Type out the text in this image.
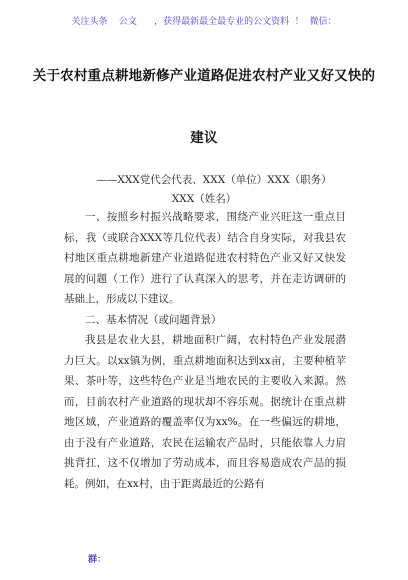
关注头条    公文      ，获得最新最全最专业的公文资料  ！  微信：
关于农村重点耕地新修产业道路促进农村产业又好又快的
建议
——XXX党代会代表、XXX（单位）XXX（职务）
XXX（姓名）

一、按照乡村振兴战略要求，围绕产业兴旺这一重点目标，我（或联合XXX等几位代表）结合自身实际，对我县农村地区重点耕地新建产业道路促进农村特色产业又好又快发展的问题（工作）进行了认真深入的思考，并在走访调研的基础上，形成以下建议。

二、基本情况（或问题背景）

我县是农业大县，耕地面积广阔，农村特色产业发展潜力巨大。以xx镇为例，重点耕地面积达到xx亩，主要种植苹果、茶叶等，这些特色产业是当地农民的主要收入来源。然而，目前农村产业道路的现状却不容乐观。据统计在重点耕地区域，产业道路的覆盖率仅为xx%。在一些偏远的耕地，由于没有产业道路，农民在运输农产品时，只能依靠人力肩挑背扛，这不仅增加了劳动成本，而且容易造成农产品的损耗。例如，在xx村，由于距离最近的公路有

群：
